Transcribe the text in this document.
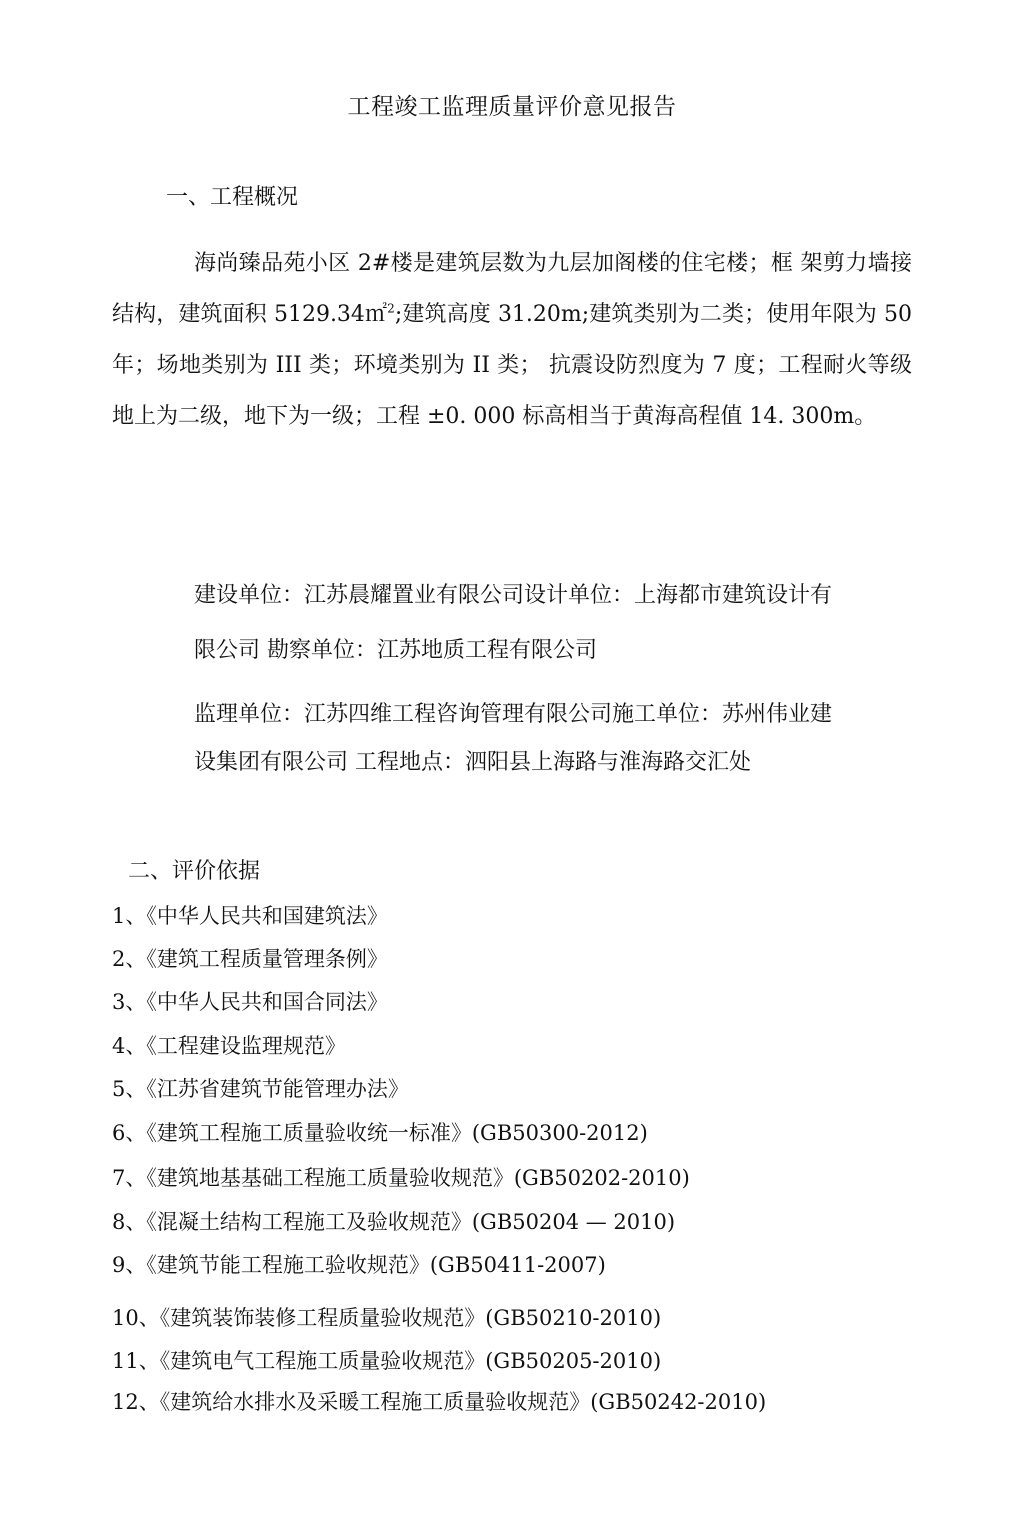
工程竣工监理质量评价意见报告
一、工程概况
海尚臻品苑小区 2#楼是建筑层数为九层加阁楼的住宅楼；框 架剪力墙接结构，建筑面积 5129.34㎡$^2$;建筑高度 31.20m;建筑类别为二类；使用年限为 50 年；场地类别为 III 类；环境类别为 II 类； 抗震设防烈度为 7 度；工程耐火等级地上为二级，地下为一级；工程 ±0. 000 标高相当于黄海高程值 14. 300m。
建设单位：江苏晨耀置业有限公司设计单位：上海都市建筑设计有
限公司 勘察单位：江苏地质工程有限公司
监理单位：江苏四维工程咨询管理有限公司施工单位：苏州伟业建
设集团有限公司 工程地点：泗阳县上海路与淮海路交汇处
二、评价依据
1、《中华人民共和国建筑法》
2、《建筑工程质量管理条例》
3、《中华人民共和国合同法》
4、《工程建设监理规范》
5、《江苏省建筑节能管理办法》
6、《建筑工程施工质量验收统一标准》(GB50300-2012)
7、《建筑地基基础工程施工质量验收规范》(GB50202-2010)
8、《混凝土结构工程施工及验收规范》(GB50204 — 2010)
9、《建筑节能工程施工验收规范》(GB50411-2007)
10、《建筑装饰装修工程质量验收规范》(GB50210-2010)
11、《建筑电气工程施工质量验收规范》(GB50205-2010)
12、《建筑给水排水及采暖工程施工质量验收规范》(GB50242-2010)
